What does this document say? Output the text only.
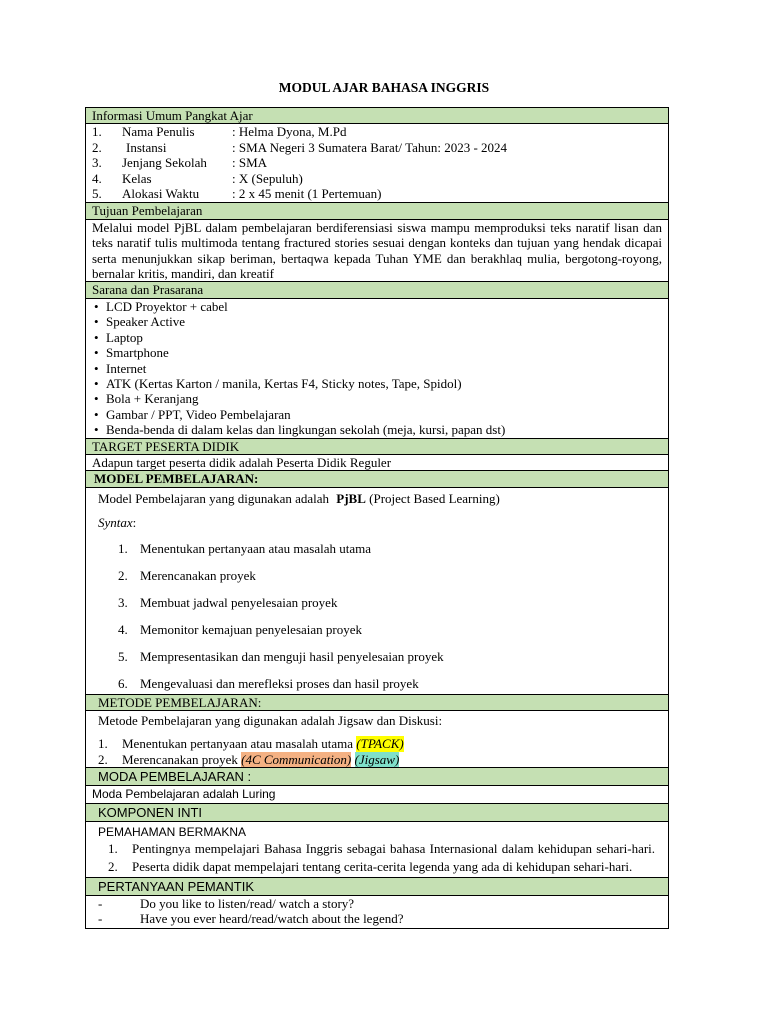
MODUL AJAR BAHASA INGGRIS
Informasi Umum Pangkat Ajar

1.	Nama Penulis	: Helma Dyona, M.Pd
2.	Instansi	: SMA Negeri 3 Sumatera Barat/ Tahun: 2023 - 2024
3.	Jenjang Sekolah	: SMA
4.	Kelas	: X (Sepuluh)
5.	Alokasi Waktu	: 2 x 45 menit (1 Pertemuan)

Tujuan Pembelajaran
Melalui model PjBL dalam pembelajaran berdiferensiasi siswa mampu memproduksi teks naratif lisan dan teks naratif tulis multimoda tentang fractured stories sesuai dengan konteks dan tujuan yang hendak dicapai serta menunjukkan sikap beriman, bertaqwa kepada Tuhan YME dan berakhlaq mulia, bergotong-royong, bernalar kritis, mandiri, dan kreatif
Sarana dan Prasarana

• LCD Proyektor + cabel
• Speaker Active
• Laptop
• Smartphone
• Internet
• ATK (Kertas Karton / manila, Kertas F4, Sticky notes, Tape, Spidol)
• Bola + Keranjang
• Gambar / PPT, Video Pembelajaran
• Benda-benda di dalam kelas dan lingkungan sekolah (meja, kursi, papan dst)

TARGET PESERTA DIDIK
Adapun target peserta didik adalah Peserta Didik Reguler
MODEL PEMBELAJARAN:

Model Pembelajaran yang digunakan adalah PjBL (Project Based Learning)
Syntax:
1. Menentukan pertanyaan atau masalah utama
2. Merencanakan proyek
3. Membuat jadwal penyelesaian proyek
4. Memonitor kemajuan penyelesaian proyek
5. Mempresentasikan dan menguji hasil penyelesaian proyek
6. Mengevaluasi dan merefleksi proses dan hasil proyek

METODE PEMBELAJARAN:

Metode Pembelajaran yang digunakan adalah Jigsaw dan Diskusi:
1.	Menentukan pertanyaan atau masalah utama
(TPACK)
2.	Merencanakan proyek
(4C Communication)
(Jigsaw)

MODA PEMBELAJARAN :
Moda Pembelajaran adalah Luring
KOMPONEN INTI

PEMAHAMAN BERMAKNA
1.	Pentingnya mempelajari Bahasa Inggris sebagai bahasa Internasional dalam kehidupan sehari-hari.
2.	Peserta didik dapat mempelajari tentang cerita-cerita legenda yang ada di kehidupan sehari-hari.

PERTANYAAN PEMANTIK

-	Do you like to listen/read/ watch a story?
-	Have you ever heard/read/watch about the legend?
